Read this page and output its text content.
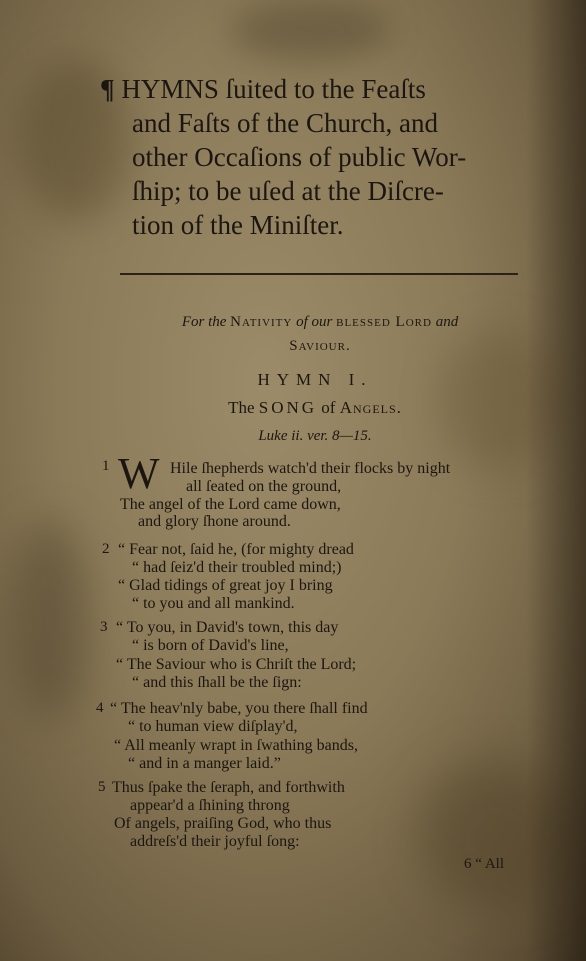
¶ HYMNS ſuited to the Feaſts
and Faſts of the Church, and
other Occaſions of public Wor-
ſhip; to be uſed at the Diſcre-
tion of the Miniſter.
For the Nativity of our blessed Lord and
Saviour.
HYMN I.
The SONG of Angels.
Luke ii. ver. 8—15.
1 W Hile ſhepherds watch'd their flocks by night
all ſeated on the ground,
The angel of the Lord came down,
and glory ſhone around.
2 “ Fear not, ſaid he, (for mighty dread
“ had ſeiz'd their troubled mind;)
“ Glad tidings of great joy I bring
“ to you and all mankind.
3 “ To you, in David's town, this day
“ is born of David's line,
“ The Saviour who is Chriſt the Lord;
“ and this ſhall be the ſign:
4 “ The heav'nly babe, you there ſhall find
“ to human view diſplay'd,
“ All meanly wrapt in ſwathing bands,
“ and in a manger laid.”
5 Thus ſpake the ſeraph, and forthwith
appear'd a ſhining throng
Of angels, praiſing God, who thus
addreſs'd their joyful ſong:
6 “ All
